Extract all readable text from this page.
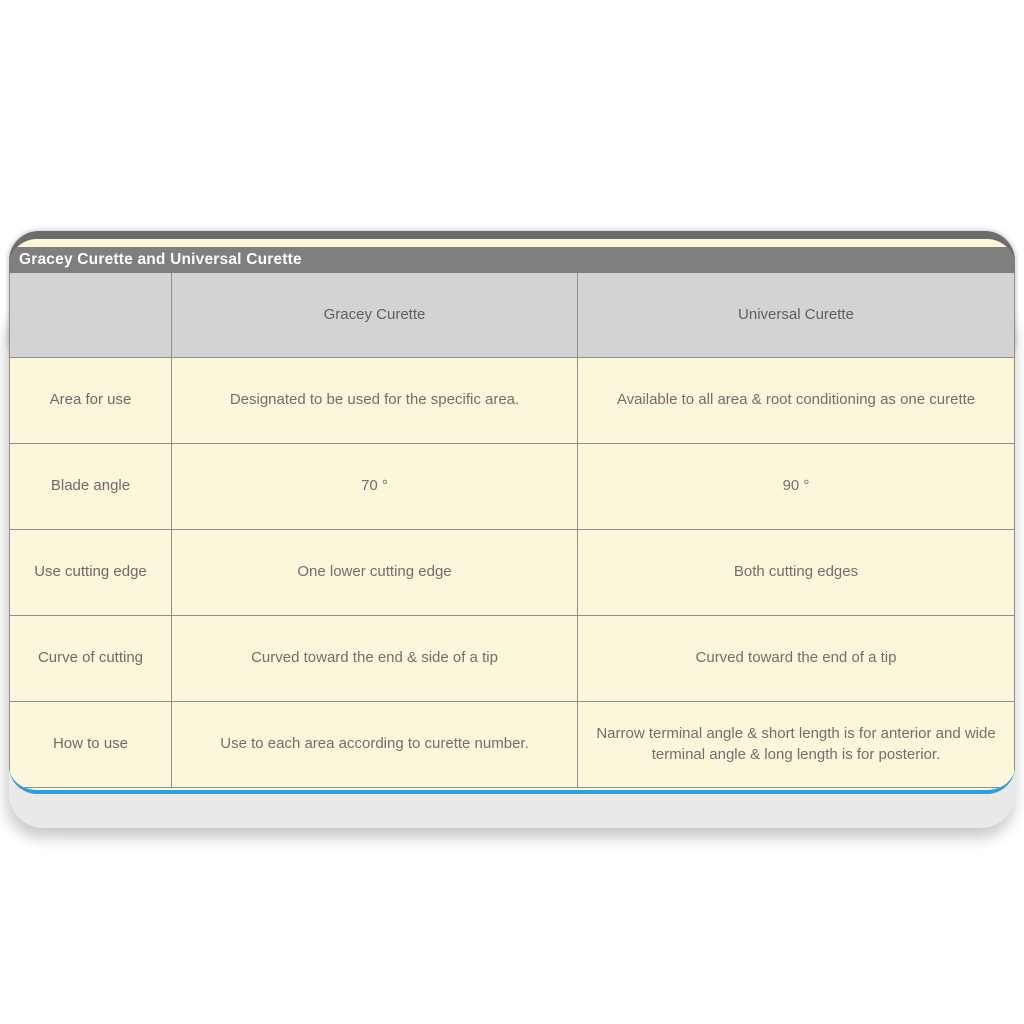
Gracey Curette and Universal Curette
	Gracey Curette	Universal Curette
Area for use	Designated to be used for the specific area.	Available to all area & root conditioning as one curette
Blade angle	70 °	90 °
Use cutting edge	One lower cutting edge	Both cutting edges
Curve of cutting	Curved toward the end & side of a tip	Curved toward the end of a tip
How to use	Use to each area according to curette number.	Narrow terminal angle & short length is for anterior and wide terminal angle & long length is for posterior.
